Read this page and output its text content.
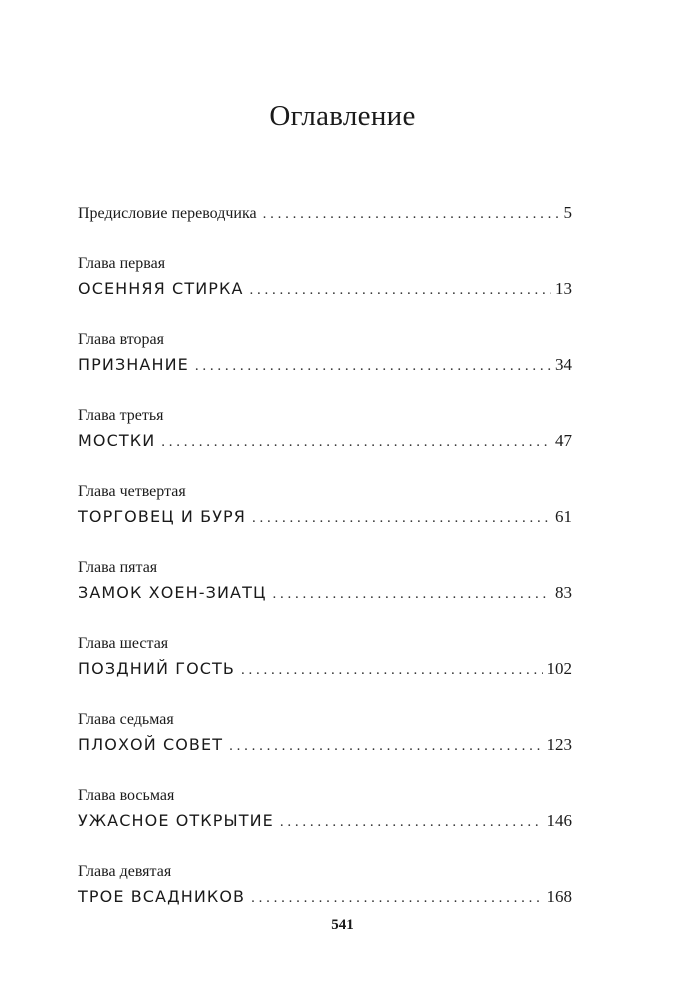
Оглавление
Предисловие переводчика . . .	5
Глава первая
ОСЕННЯЯ СТИРКА . . .	13
Глава вторая
ПРИЗНАНИЕ . . .	34
Глава третья
МОСТКИ . . .	47
Глава четвертая
ТОРГОВЕЦ И БУРЯ . . .	61
Глава пятая
ЗАМОК ХОЕН-ЗИАТЦ . . .	83
Глава шестая
ПОЗДНИЙ ГОСТЬ . . .	102
Глава седьмая
ПЛОХОЙ СОВЕТ . . .	123
Глава восьмая
УЖАСНОЕ ОТКРЫТИЕ . . .	146
Глава девятая
ТРОЕ ВСАДНИКОВ . . .	168
541
